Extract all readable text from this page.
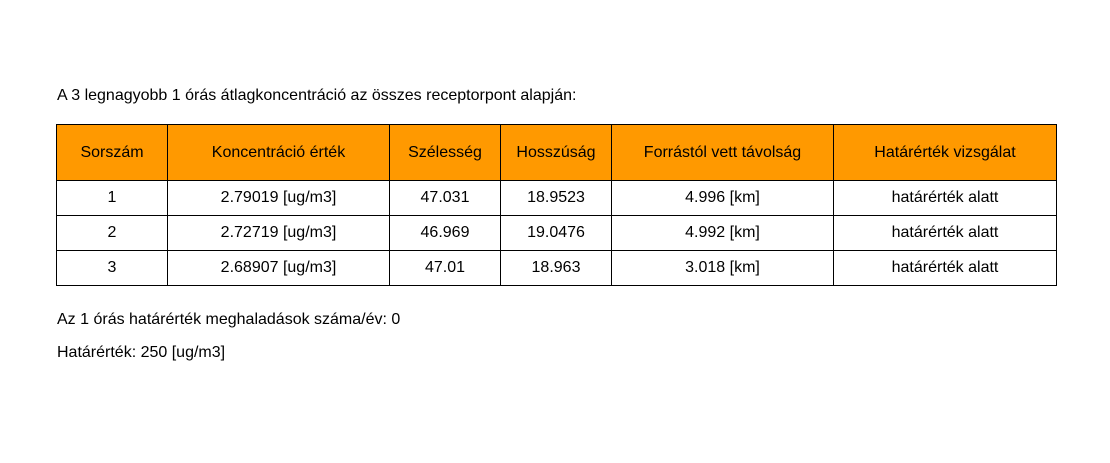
A 3 legnagyobb 1 órás átlagkoncentráció az összes receptorpont alapján:
Sorszám	Koncentráció érték	Szélesség	Hosszúság	Forrástól vett távolság	Határérték vizsgálat
1	2.79019 [ug/m3]	47.031	18.9523	4.996 [km]	határérték alatt
2	2.72719 [ug/m3]	46.969	19.0476	4.992 [km]	határérték alatt
3	2.68907 [ug/m3]	47.01	18.963	3.018 [km]	határérték alatt
Az 1 órás határérték meghaladások száma/év: 0
Határérték: 250 [ug/m3]
